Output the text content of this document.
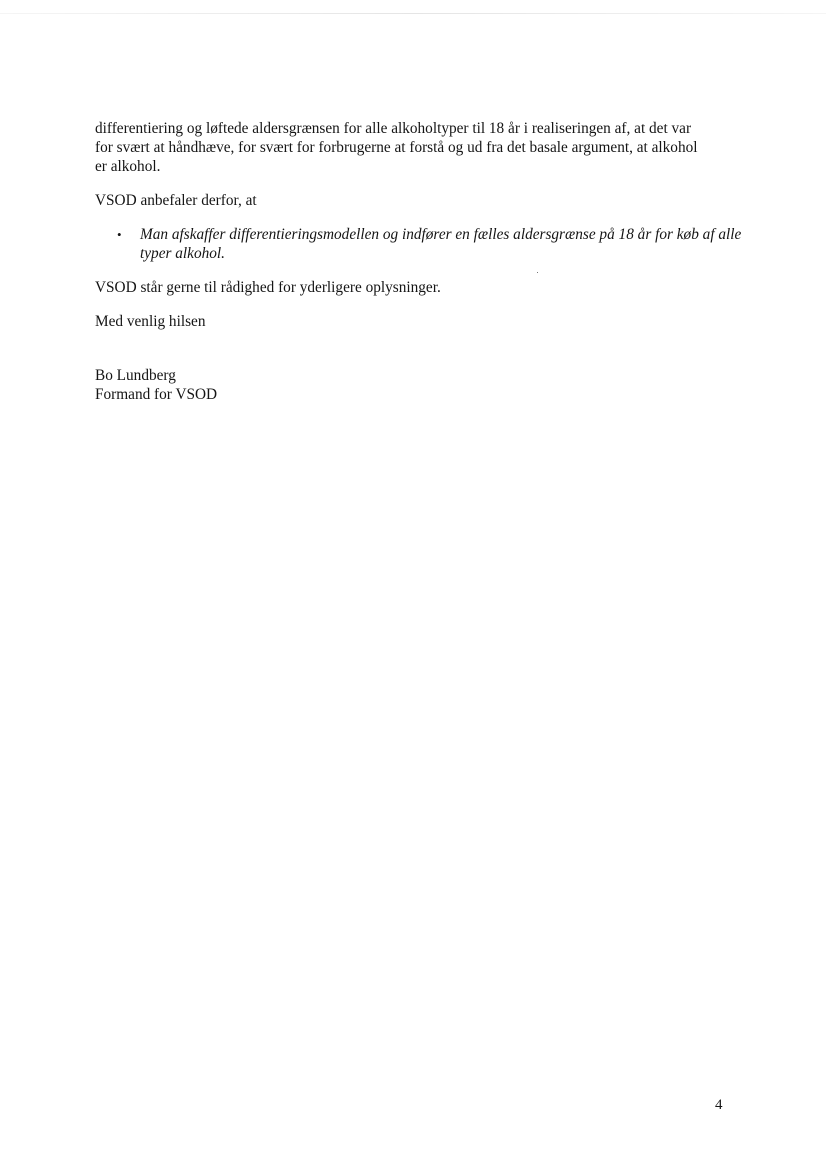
differentiering og løftede aldersgrænsen for alle alkoholtyper til 18 år i realiseringen af, at det var for svært at håndhæve, for svært for forbrugerne at forstå og ud fra det basale argument, at alkohol er alkohol.

VSOD anbefaler derfor, at

• Man afskaffer differentieringsmodellen og indfører en fælles aldersgrænse på 18 år for køb af alle typer alkohol.

VSOD står gerne til rådighed for yderligere oplysninger.

Med venlig hilsen

Bo Lundberg

Formand for VSOD

4
